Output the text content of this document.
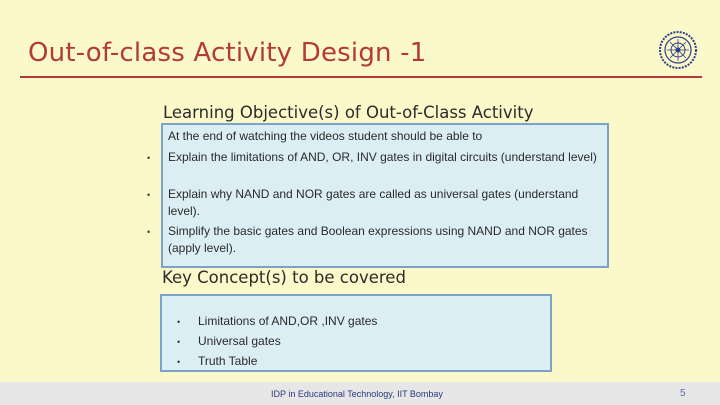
Out-of-class Activity Design -1
Learning Objective(s) of Out-of-Class Activity
At the end of watching the videos student should be able to
• Explain the limitations of AND, OR, INV gates in digital circuits (understand level)
• Explain why NAND and NOR gates are called as universal gates (understand level).
• Simplify the basic gates and Boolean expressions using NAND and NOR gates (apply level).
Key Concept(s) to be covered
• Limitations of AND,OR ,INV gates
• Universal gates
• Truth Table
IDP in Educational Technology, IIT Bombay	5
